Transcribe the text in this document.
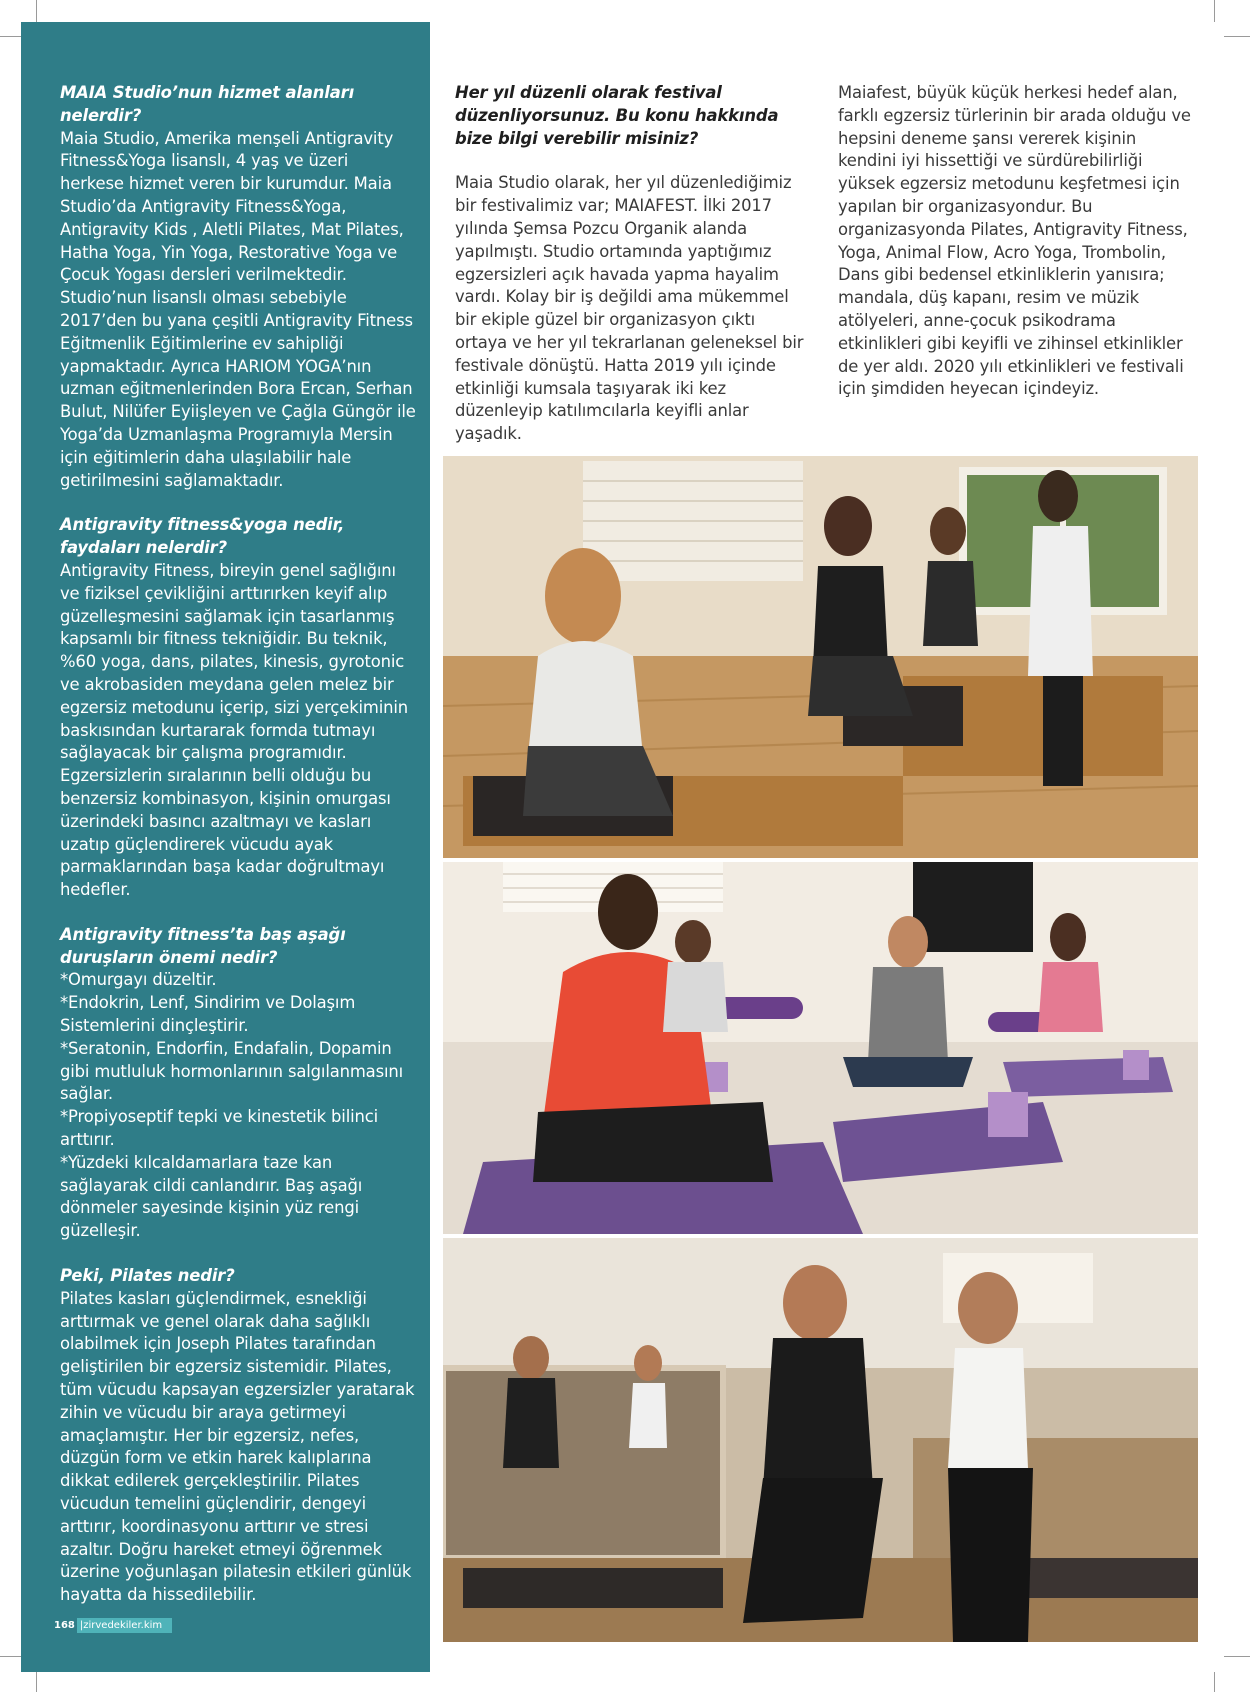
MAIA Studio’nun hizmet alanları nelerdir?

Maia Studio, Amerika menşeli Antigravity Fitness&Yoga lisanslı, 4 yaş ve üzeri herkese hizmet veren bir kurumdur. Maia Studio’da Antigravity Fitness&Yoga, Antigravity Kids , Aletli Pilates, Mat Pilates, Hatha Yoga, Yin Yoga, Restorative Yoga ve Çocuk Yogası dersleri verilmektedir. Studio’nun lisanslı olması sebebiyle 2017’den bu yana çeşitli Antigravity Fitness Eğitmenlik Eğitimlerine ev sahipliği yapmaktadır. Ayrıca HARIOM YOGA’nın uzman eğitmenlerinden Bora Ercan, Serhan Bulut, Nilüfer Eyiişleyen ve Çağla Güngör ile Yoga’da Uzmanlaşma Programıyla Mersin için eğitimlerin daha ulaşılabilir hale getirilmesini sağlamaktadır.

Antigravity fitness&yoga nedir, faydaları nelerdir?

Antigravity Fitness, bireyin genel sağlığını ve fiziksel çevikliğini arttırırken keyif alıp güzelleşmesini sağlamak için tasarlanmış kapsamlı bir fitness tekniğidir. Bu teknik, %60 yoga, dans, pilates, kinesis, gyrotonic ve akrobasiden meydana gelen melez bir egzersiz metodunu içerip, sizi yerçekiminin baskısından kurtararak formda tutmayı sağlayacak bir çalışma programıdır. Egzersizlerin sıralarının belli olduğu bu benzersiz kombinasyon, kişinin omurgası üzerindeki basıncı azaltmayı ve kasları uzatıp güçlendirerek vücudu ayak parmaklarından başa kadar doğrultmayı hedefler.

Antigravity fitness’ta baş aşağı duruşların önemi nedir?

*Omurgayı düzeltir.

*Endokrin, Lenf, Sindirim ve Dolaşım Sistemlerini dinçleştirir.

*Seratonin, Endorfin, Endafalin, Dopamin gibi mutluluk hormonlarının salgılanmasını sağlar.

*Propiyoseptif tepki ve kinestetik bilinci arttırır.

*Yüzdeki kılcaldamarlara taze kan sağlayarak cildi canlandırır. Baş aşağı dönmeler sayesinde kişinin yüz rengi güzelleşir.

Peki, Pilates nedir?

Pilates kasları güçlendirmek, esnekliği arttırmak ve genel olarak daha sağlıklı olabilmek için Joseph Pilates tarafından geliştirilen bir egzersiz sistemidir. Pilates, tüm vücudu kapsayan egzersizler yaratarak zihin ve vücudu bir araya getirmeyi amaçlamıştır. Her bir egzersiz, nefes, düzgün form ve etkin harek kalıplarına dikkat edilerek gerçekleştirilir. Pilates vücudun temelini güçlendirir, dengeyi arttırır, koordinasyonu arttırır ve stresi azaltır. Doğru hareket etmeyi öğrenmek üzerine yoğunlaşan pilatesin etkileri günlük hayatta da hissedilebilir.

Her yıl düzenli olarak festival düzenliyorsunuz. Bu konu hakkında bize bilgi verebilir misiniz?

Maia Studio olarak, her yıl düzenlediğimiz bir festivalimiz var; MAIAFEST. İlki 2017 yılında Şemsa Pozcu Organik alanda yapılmıştı. Studio ortamında yaptığımız egzersizleri açık havada yapma hayalim vardı. Kolay bir iş değildi ama mükemmel bir ekiple güzel bir organizasyon çıktı ortaya ve her yıl tekrarlanan geleneksel bir festivale dönüştü. Hatta 2019 yılı içinde etkinliği kumsala taşıyarak iki kez düzenleyip katılımcılarla keyifli anlar yaşadık.

Maiafest, büyük küçük herkesi hedef alan, farklı egzersiz türlerinin bir arada olduğu ve hepsini deneme şansı vererek kişinin kendini iyi hissettiği ve sürdürebilirliği yüksek egzersiz metodunu keşfetmesi için yapılan bir organizasyondur. Bu organizasyonda Pilates, Antigravity Fitness, Yoga, Animal Flow, Acro Yoga, Trombolin, Dans gibi bedensel etkinliklerin yanısıra; mandala, düş kapanı, resim ve müzik atölyeleri, anne-çocuk psikodrama etkinlikleri gibi keyifli ve zihinsel etkinlikler de yer aldı. 2020 yılı etkinlikleri ve festivali için şimdiden heyecan içindeyiz.

168 |zirvedekiler.kim
